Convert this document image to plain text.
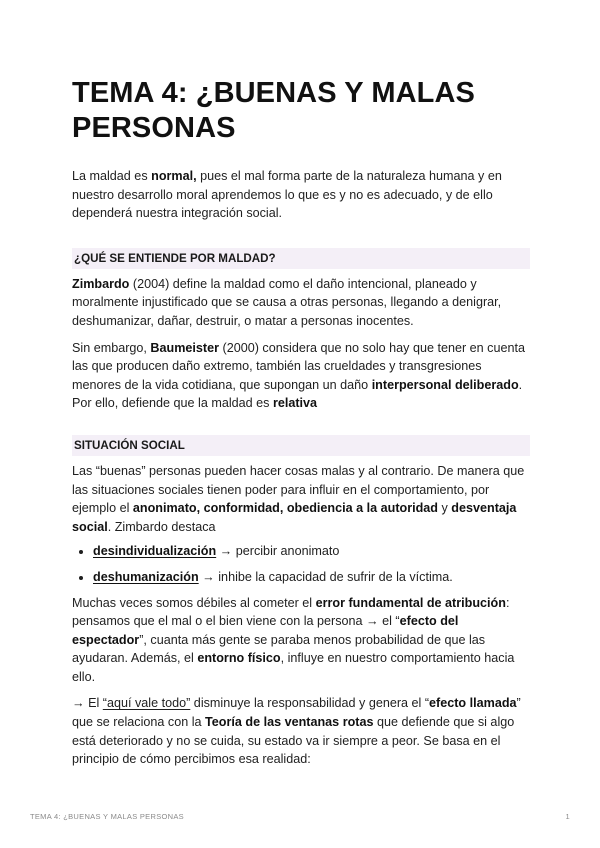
TEMA 4: ¿BUENAS Y MALAS PERSONAS

La maldad es normal, pues el mal forma parte de la naturaleza humana y en nuestro desarrollo moral aprendemos lo que es y no es adecuado, y de ello dependerá nuestra integración social.

¿QUÉ SE ENTIENDE POR MALDAD?

Zimbardo (2004) define la maldad como el daño intencional, planeado y moralmente injustificado que se causa a otras personas, llegando a denigrar, deshumanizar, dañar, destruir, o matar a personas inocentes.

Sin embargo, Baumeister (2000) considera que no solo hay que tener en cuenta las que producen daño extremo, también las crueldades y transgresiones menores de la vida cotidiana, que supongan un daño interpersonal deliberado. Por ello, defiende que la maldad es relativa

SITUACIÓN SOCIAL

Las “buenas” personas pueden hacer cosas malas y al contrario. De manera que las situaciones sociales tienen poder para influir en el comportamiento, por ejemplo el anonimato, conformidad, obediencia a la autoridad y desventaja social. Zimbardo destaca

• desindividualización → percibir anonimato
• deshumanización → inhibe la capacidad de sufrir de la víctima.

Muchas veces somos débiles al cometer el error fundamental de atribución: pensamos que el mal o el bien viene con la persona → el “efecto del espectador”, cuanta más gente se paraba menos probabilidad de que las ayudaran. Además, el entorno físico, influye en nuestro comportamiento hacia ello.

→ El “aquí vale todo” disminuye la responsabilidad y genera el “efecto llamada” que se relaciona con la Teoría de las ventanas rotas que defiende que si algo está deteriorado y no se cuida, su estado va ir siempre a peor. Se basa en el principio de cómo percibimos esa realidad:

TEMA 4: ¿BUENAS Y MALAS PERSONAS	1
